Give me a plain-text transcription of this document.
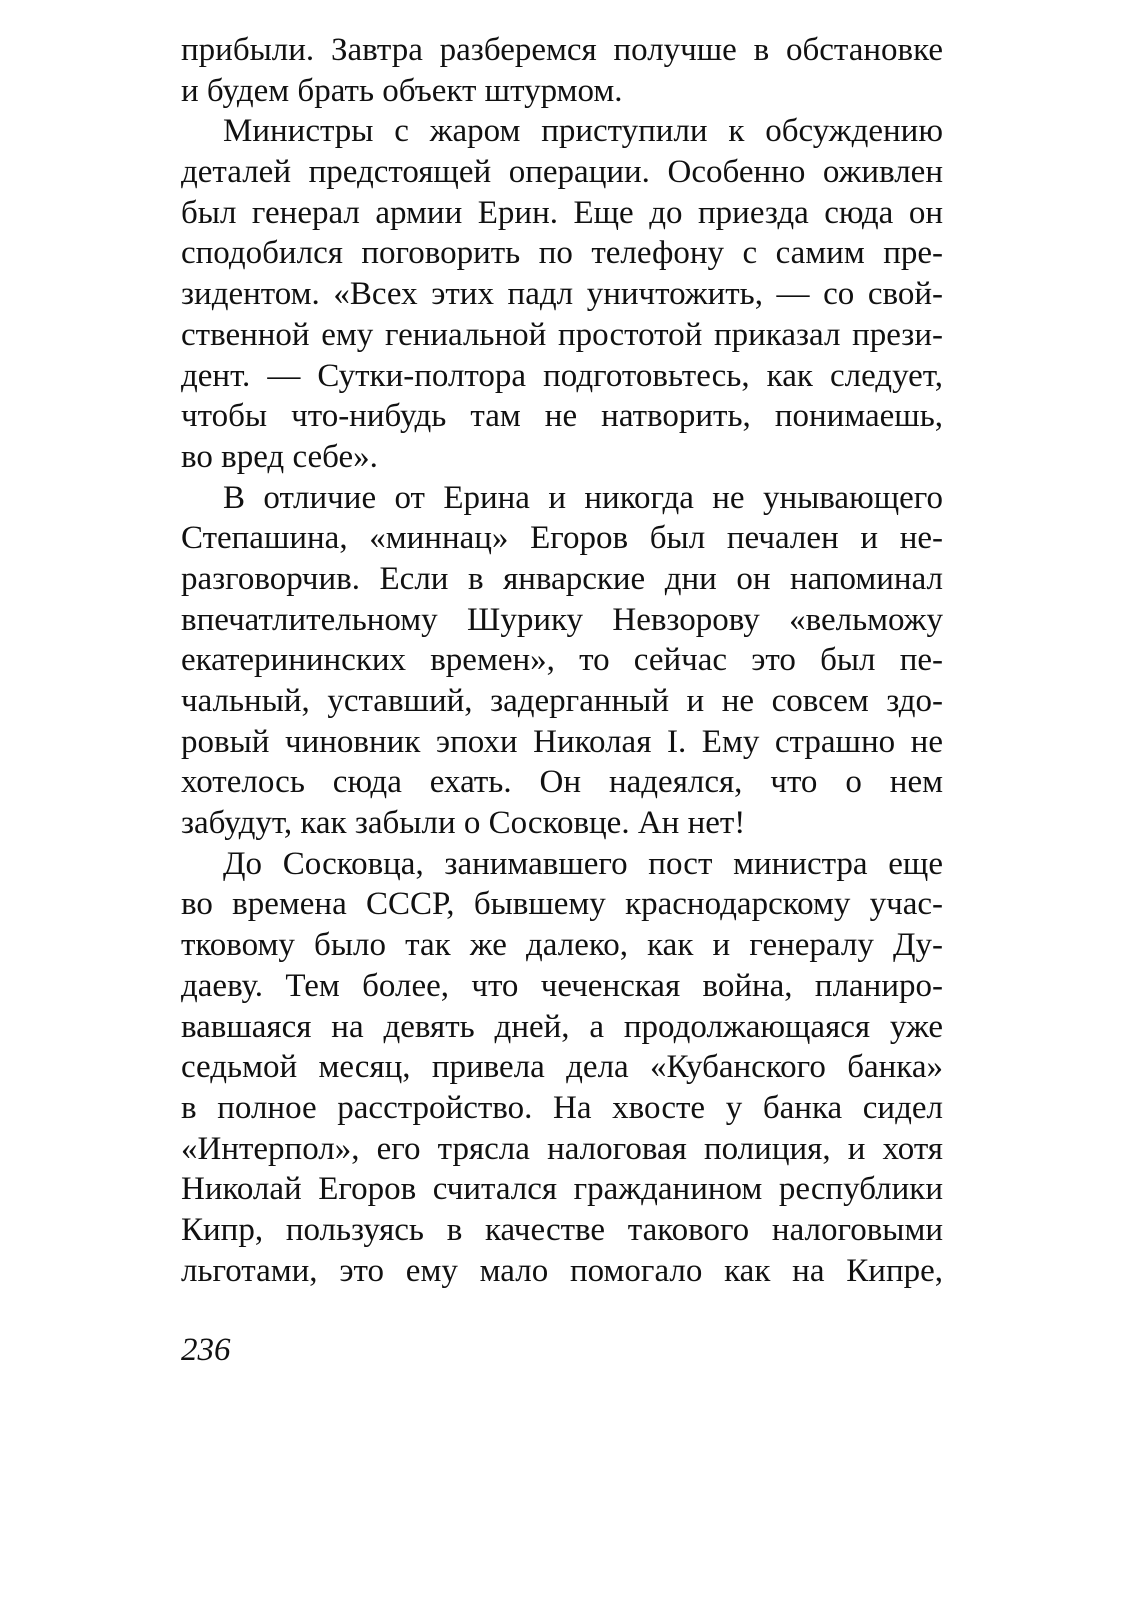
прибыли. Завтра разберемся получше в обстановке
и будем брать объект штурмом.
Министры с жаром приступили к обсуждению
деталей предстоящей операции. Особенно оживлен
был генерал армии Ерин. Еще до приезда сюда он
сподобился поговорить по телефону с самим пре-
зидентом. «Всех этих падл уничтожить, — со свой-
ственной ему гениальной простотой приказал прези-
дент. — Сутки-полтора подготовьтесь, как следует,
чтобы что-нибудь там не натворить, понимаешь,
во вред себе».
В отличие от Ерина и никогда не унывающего
Степашина, «миннац» Егоров был печален и не-
разговорчив. Если в январские дни он напоминал
впечатлительному Шурику Невзорову «вельможу
екатерининских времен», то сейчас это был пе-
чальный, уставший, задерганный и не совсем здо-
ровый чиновник эпохи Николая I. Ему страшно не
хотелось сюда ехать. Он надеялся, что о нем
забудут, как забыли о Сосковце. Ан нет!
До Сосковца, занимавшего пост министра еще
во времена СССР, бывшему краснодарскому учас-
тковому было так же далеко, как и генералу Ду-
даеву. Тем более, что чеченская война, планиро-
вавшаяся на девять дней, а продолжающаяся уже
седьмой месяц, привела дела «Кубанского банка»
в полное расстройство. На хвосте у банка сидел
«Интерпол», его трясла налоговая полиция, и хотя
Николай Егоров считался гражданином республики
Кипр, пользуясь в качестве такового налоговыми
льготами, это ему мало помогало как на Кипре,
236
